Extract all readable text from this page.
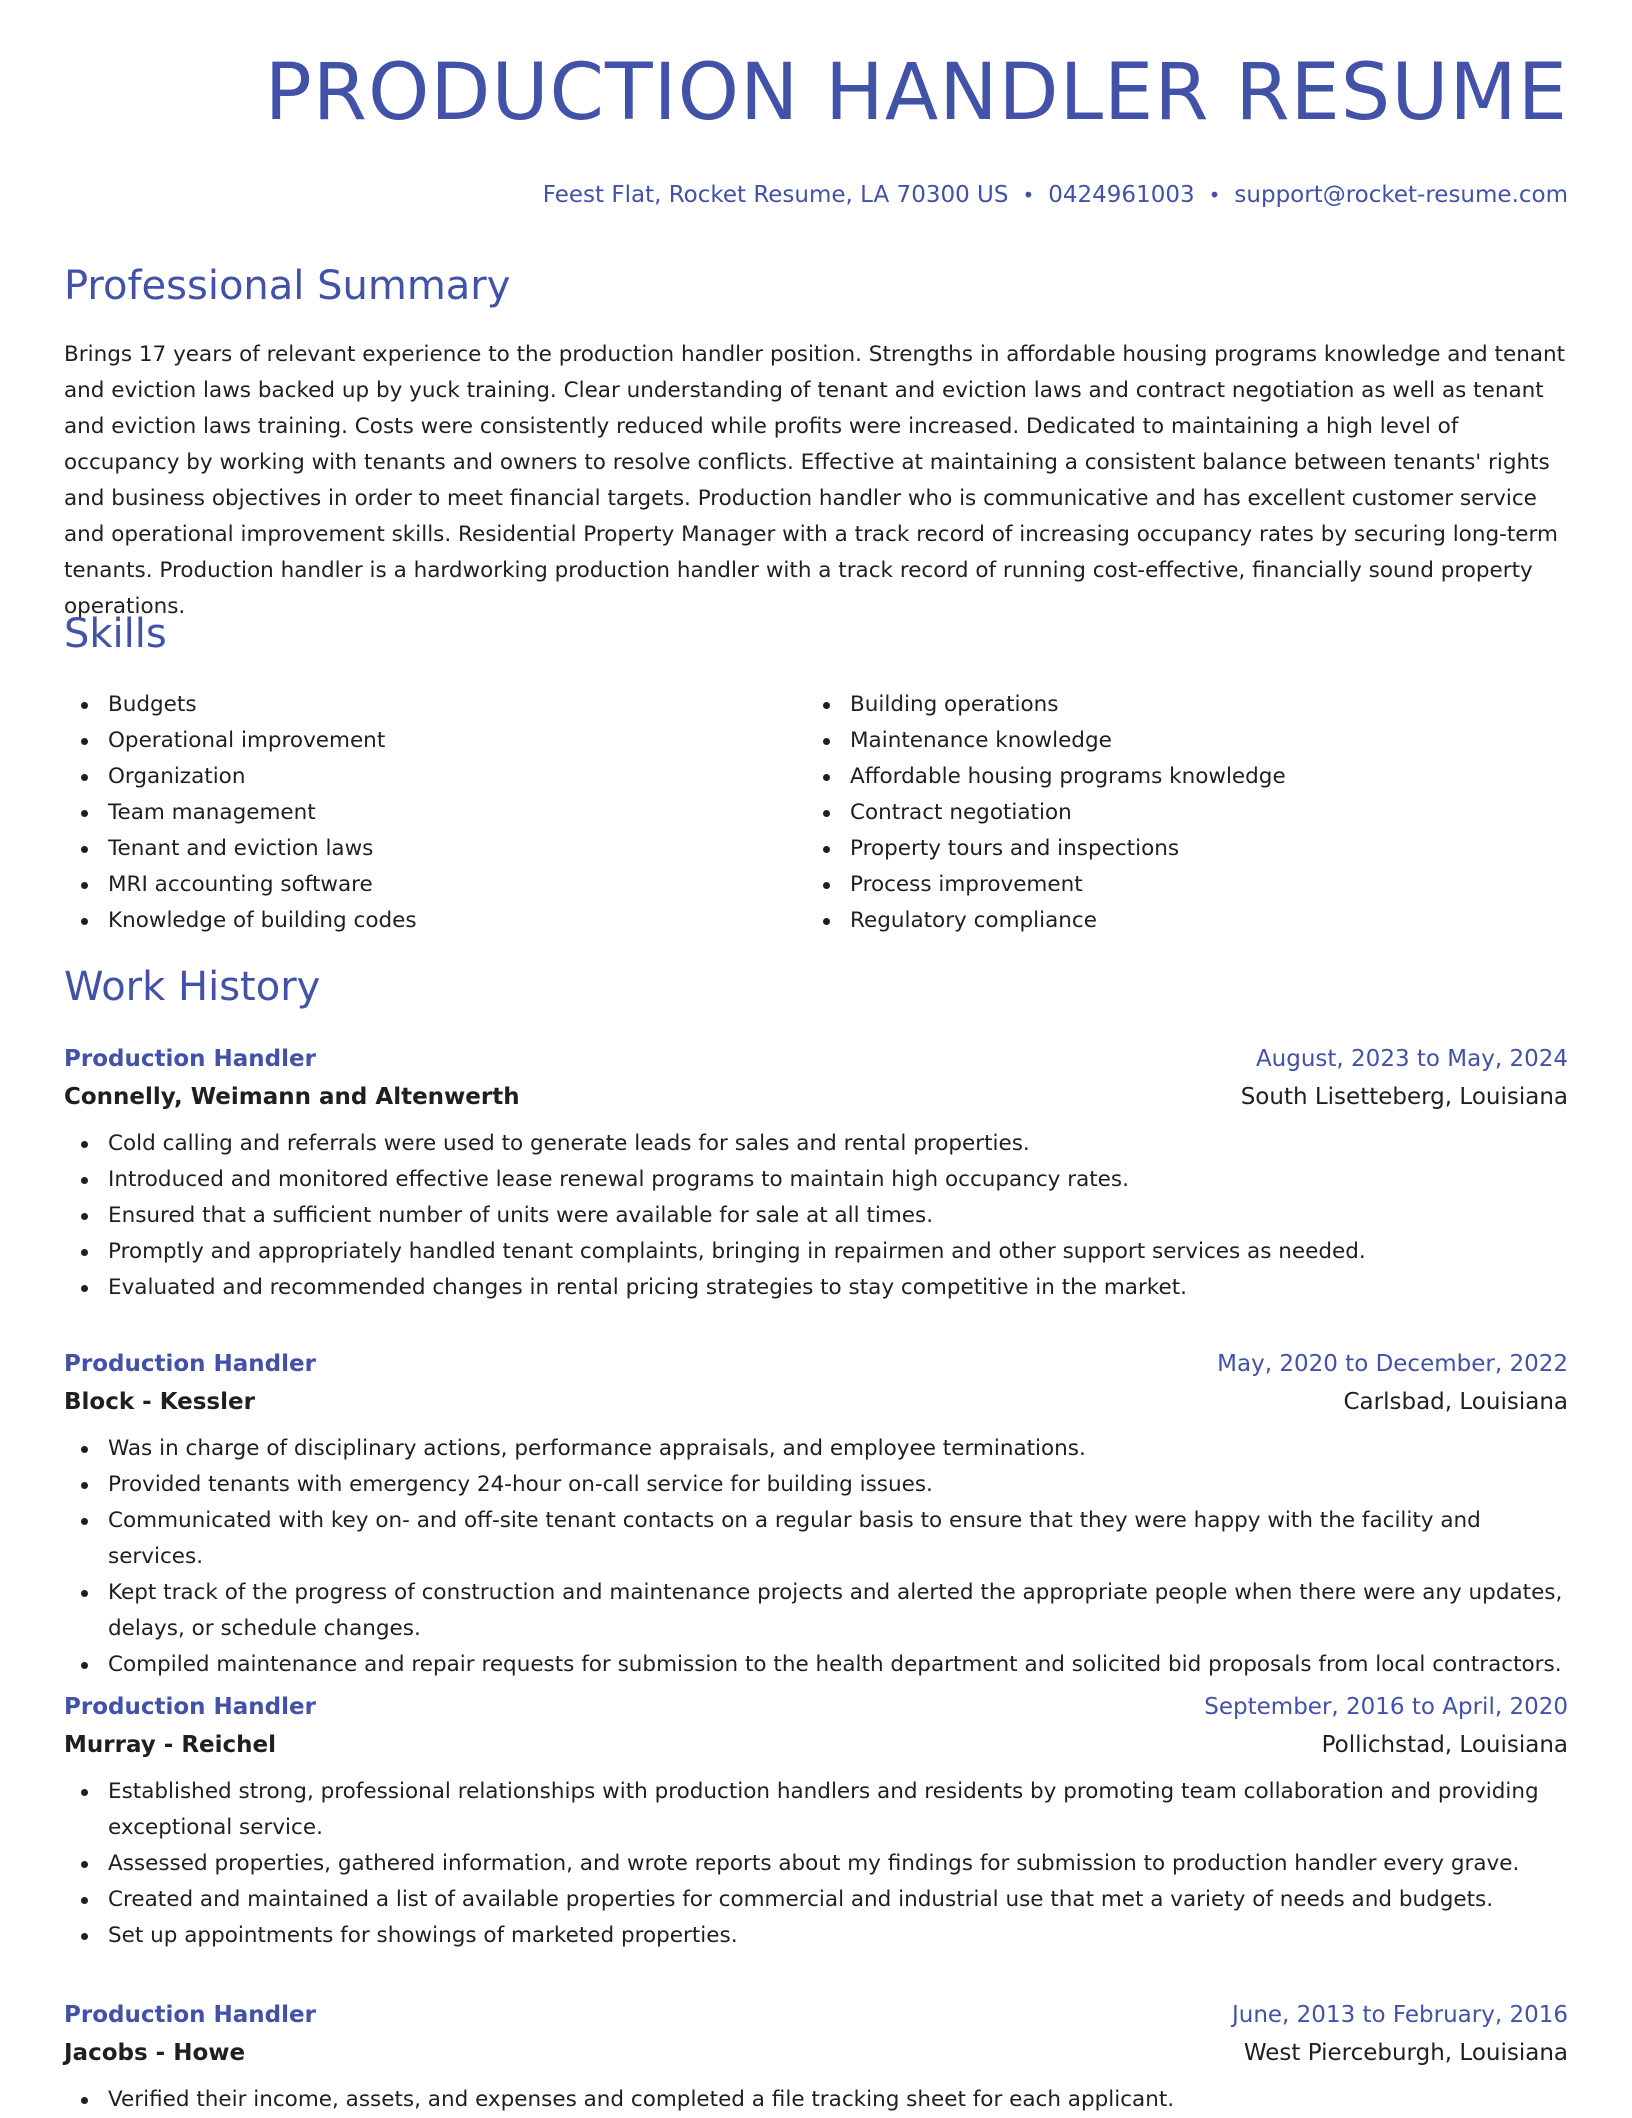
PRODUCTION HANDLER RESUME
Feest Flat, Rocket Resume, LA 70300 US • 0424961003 • support@rocket-resume.com
Professional Summary

Brings 17 years of relevant experience to the production handler position. Strengths in affordable housing programs knowledge and tenant and eviction laws backed up by yuck training. Clear understanding of tenant and eviction laws and contract negotiation as well as tenant and eviction laws training. Costs were consistently reduced while profits were increased. Dedicated to maintaining a high level of occupancy by working with tenants and owners to resolve conflicts. Effective at maintaining a consistent balance between tenants' rights and business objectives in order to meet financial targets. Production handler who is communicative and has excellent customer service and operational improvement skills. Residential Property Manager with a track record of increasing occupancy rates by securing long-term tenants. Production handler is a hardworking production handler with a track record of running cost-effective, financially sound property operations.

Skills
Budgets
Operational improvement
Organization
Team management
Tenant and eviction laws
MRI accounting software
Knowledge of building codes
Building operations
Maintenance knowledge
Affordable housing programs knowledge
Contract negotiation
Property tours and inspections
Process improvement
Regulatory compliance
Work History
Production Handler	August, 2023 to May, 2024
Connelly, Weimann and Altenwerth	South Lisetteberg, Louisiana
Cold calling and referrals were used to generate leads for sales and rental properties.
Introduced and monitored effective lease renewal programs to maintain high occupancy rates.
Ensured that a sufficient number of units were available for sale at all times.
Promptly and appropriately handled tenant complaints, bringing in repairmen and other support services as needed.
Evaluated and recommended changes in rental pricing strategies to stay competitive in the market.
Production Handler	May, 2020 to December, 2022
Block - Kessler	Carlsbad, Louisiana
Was in charge of disciplinary actions, performance appraisals, and employee terminations.
Provided tenants with emergency 24-hour on-call service for building issues.
Communicated with key on- and off-site tenant contacts on a regular basis to ensure that they were happy with the facility and services.
Kept track of the progress of construction and maintenance projects and alerted the appropriate people when there were any updates, delays, or schedule changes.
Compiled maintenance and repair requests for submission to the health department and solicited bid proposals from local contractors.
Production Handler	September, 2016 to April, 2020
Murray - Reichel	Pollichstad, Louisiana
Established strong, professional relationships with production handlers and residents by promoting team collaboration and providing exceptional service.
Assessed properties, gathered information, and wrote reports about my findings for submission to production handler every grave.
Created and maintained a list of available properties for commercial and industrial use that met a variety of needs and budgets.
Set up appointments for showings of marketed properties.
Production Handler	June, 2013 to February, 2016
Jacobs - Howe	West Pierceburgh, Louisiana
Verified their income, assets, and expenses and completed a file tracking sheet for each applicant.
